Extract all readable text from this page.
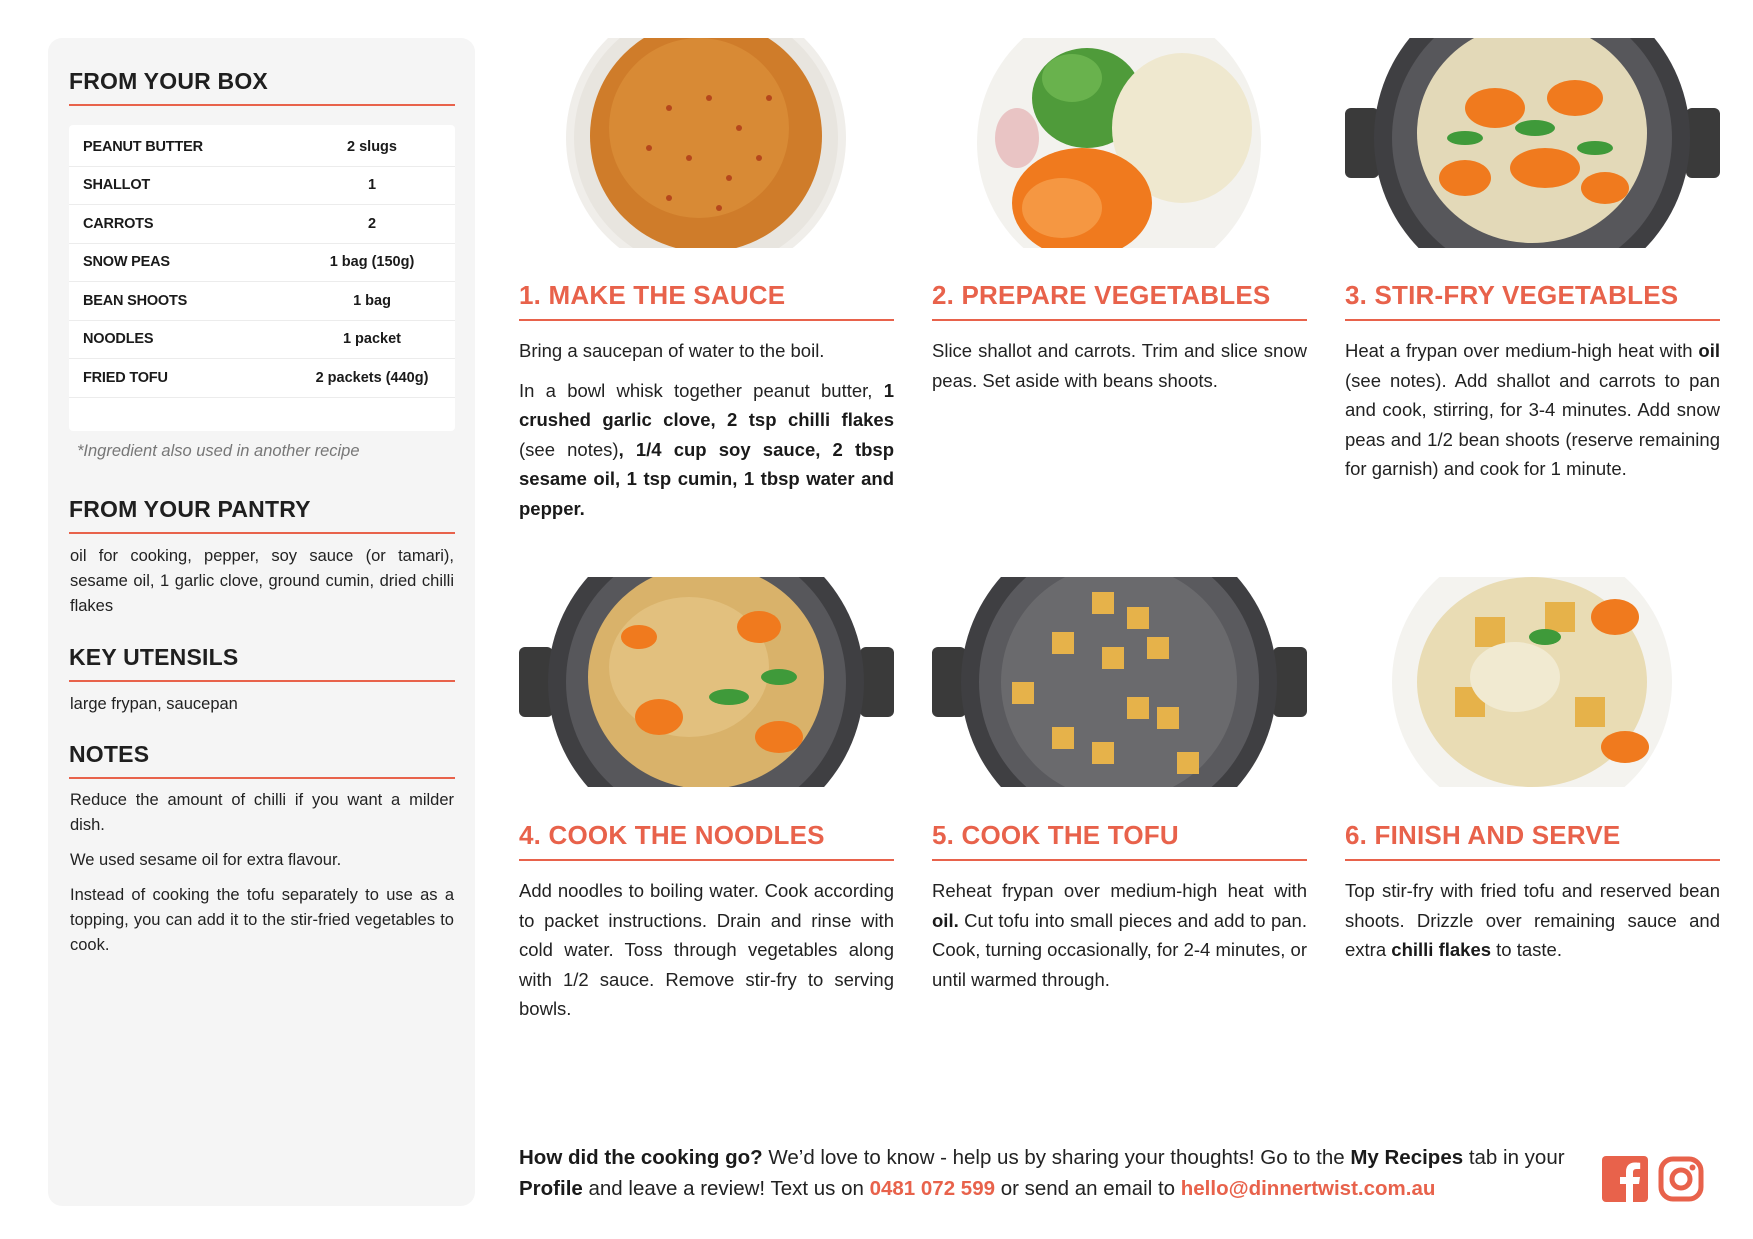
FROM YOUR BOX
PEANUT BUTTER	2 slugs
SHALLOT	1
CARROTS	2
SNOW PEAS	1 bag (150g)
BEAN SHOOTS	1 bag
NOODLES	1 packet
FRIED TOFU	2 packets (440g)
*Ingredient also used in another recipe
FROM YOUR PANTRY
oil for cooking, pepper, soy sauce (or tamari), sesame oil, 1 garlic clove, ground cumin, dried chilli flakes
KEY UTENSILS
large frypan, saucepan
NOTES

Reduce the amount of chilli if you want a milder dish.

We used sesame oil for extra flavour.

Instead of cooking the tofu separately to use as a topping, you can add it to the stir-fried vegetables to cook.

1. MAKE THE SAUCE

Bring a saucepan of water to the boil.

In a bowl whisk together peanut butter, 1 crushed garlic clove, 2 tsp chilli flakes (see notes), 1/4 cup soy sauce, 2 tbsp sesame oil, 1 tsp cumin, 1 tbsp water and pepper.

2. PREPARE VEGETABLES

Slice shallot and carrots. Trim and slice snow peas. Set aside with beans shoots.

3. STIR-FRY VEGETABLES

Heat a frypan over medium-high heat with oil (see notes). Add shallot and carrots to pan and cook, stirring, for 3-4 minutes. Add snow peas and 1/2 bean shoots (reserve remaining for garnish) and cook for 1 minute.

4. COOK THE NOODLES

Add noodles to boiling water. Cook according to packet instructions. Drain and rinse with cold water. Toss through vegetables along with 1/2 sauce. Remove stir-fry to serving bowls.

5. COOK THE TOFU

Reheat frypan over medium-high heat with oil. Cut tofu into small pieces and add to pan. Cook, turning occasionally, for 2-4 minutes, or until warmed through.

6. FINISH AND SERVE

Top stir-fry with fried tofu and reserved bean shoots. Drizzle over remaining sauce and extra chilli flakes to taste.

How did the cooking go? We’d love to know - help us by sharing your thoughts! Go to the My Recipes tab in your Profile and leave a review! Text us on 0481 072 599 or send an email to hello@dinnertwist.com.au
